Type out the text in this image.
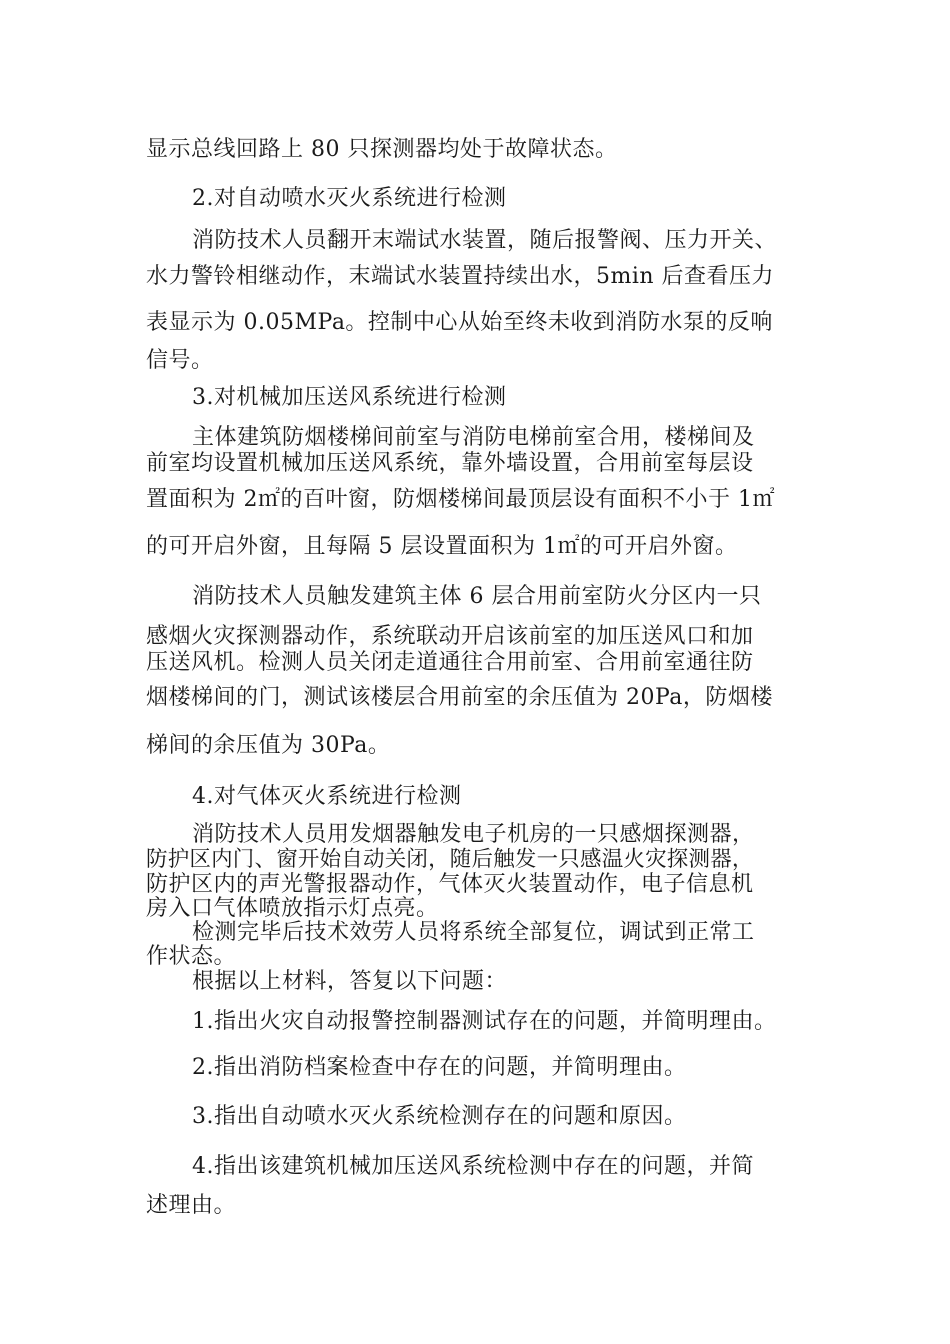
显示总线回路上 80 只探测器均处于故障状态。
2.对自动喷水灭火系统进行检测
消防技术人员翻开末端试水装置，随后报警阀、压力开关、
水力警铃相继动作，末端试水装置持续出水，5min 后查看压力
表显示为 0.05MPa。控制中心从始至终未收到消防水泵的反响
信号。
3.对机械加压送风系统进行检测
主体建筑防烟楼梯间前室与消防电梯前室合用，楼梯间及
前室均设置机械加压送风系统，靠外墙设置，合用前室每层设
置面积为 2㎡的百叶窗，防烟楼梯间最顶层设有面积不小于 1㎡
的可开启外窗，且每隔 5 层设置面积为 1㎡的可开启外窗。
消防技术人员触发建筑主体 6 层合用前室防火分区内一只
感烟火灾探测器动作，系统联动开启该前室的加压送风口和加
压送风机。检测人员关闭走道通往合用前室、合用前室通往防
烟楼梯间的门，测试该楼层合用前室的余压值为 20Pa，防烟楼
梯间的余压值为 30Pa。
4.对气体灭火系统进行检测
消防技术人员用发烟器触发电子机房的一只感烟探测器，
防护区内门、窗开始自动关闭，随后触发一只感温火灾探测器，
防护区内的声光警报器动作，气体灭火装置动作，电子信息机
房入口气体喷放指示灯点亮。
检测完毕后技术效劳人员将系统全部复位，调试到正常工
作状态。
根据以上材料，答复以下问题：
1.指出火灾自动报警控制器测试存在的问题，并简明理由。
2.指出消防档案检查中存在的问题，并简明理由。
3.指出自动喷水灭火系统检测存在的问题和原因。
4.指出该建筑机械加压送风系统检测中存在的问题，并简
述理由。
